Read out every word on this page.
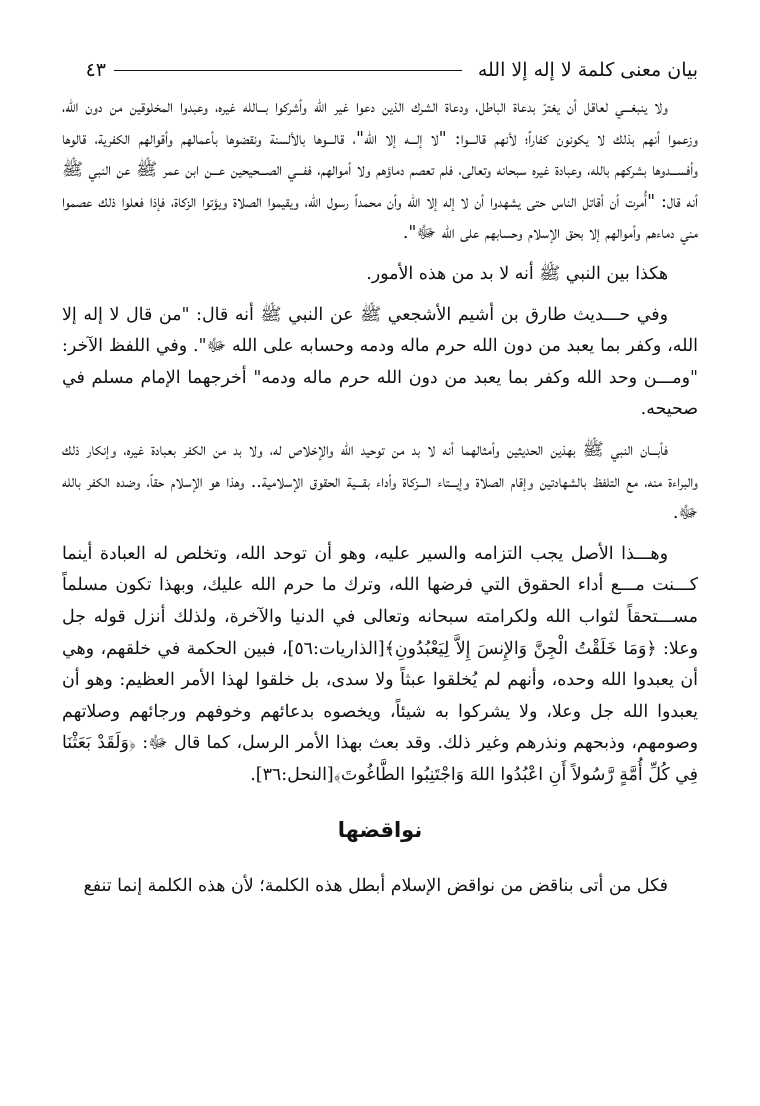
بيان معنى كلمة لا إله إلا الله
٤٣

ولا ينبغـــي لعاقل أن يغترّ بدعاة الباطل، ودعاة الشرك الذين دعوا غير الله وأشركوا بـــالله غيره، وعبدوا المخلوقين من دون الله، وزعموا أنهم بذلك لا يكونون كفاراً؛ لأنهم قالـــوا: "لا إلـــه إلا الله"، قالـــوها بالألسنة ونقضوها بأعمالهم وأقوالهم الكفرية، قالوها وأفســـدوها بشركهم بالله، وعبادة غيره سبحانه وتعالى، فلم تعصم دماؤهم ولا أموالهم، ففـــي الصـــحيحين عـــن ابن عمر ﷺ عن النبي ﷺ أنه قال: "أُمرت أن أقاتل الناس حتى يشهدوا أن لا إله إلا الله وأن محمداً رسول الله، ويقيموا الصلاة ويؤتوا الزكاة، فإذا فعلوا ذلك عصموا مني دماءهم وأموالهم إلا بحق الإسلام وحسابهم على الله ﷻ".

هكذا بين النبي ﷺ أنه لا بد من هذه الأمور.

وفي حـــديث طارق بن أشيم الأشجعي ﷺ عن النبي ﷺ أنه قال: "من قال لا إله إلا الله، وكفر بما يعبد من دون الله حرم ماله ودمه وحسابه على الله ﷻ". وفي اللفظ الآخر: "ومـــن وحد الله وكفر بما يعبد من دون الله حرم ماله ودمه" أخرجهما الإمام مسلم في صحيحه.

فأبـــان النبي ﷺ بهذين الحديثين وأمثالهما أنه لا بد من توحيد الله والإخلاص له، ولا بد من الكفر بعبادة غيره، وإنكار ذلك والبراءة منه، مع التلفظ بالشهادتين وإقام الصلاة وإيـــتاء الـــزكاة وأداء بقـــية الحقوق الإسلامية.. وهذا هو الإسلام حقاً، وضده الكفر بالله ﷻ.

وهـــذا الأصل يجب التزامه والسير عليه، وهو أن توحد الله، وتخلص له العبادة أينما كـــنت مـــع أداء الحقوق التي فرضها الله، وترك ما حرم الله عليك، وبهذا تكون مسلماً مســـتحقاً لثواب الله ولكرامته سبحانه وتعالى في الدنيا والآخرة، ولذلك أنزل قوله جل وعلا: ﴿وَمَا خَلَقْتُ الْجِنَّ وَالإِنسَ إِلاَّ لِيَعْبُدُونِ﴾[الذاريات:٥٦]، فبين الحكمة في خلقهم، وهي أن يعبدوا الله وحده، وأنهم لم يُخلقوا عبثاً ولا سدى، بل خلقوا لهذا الأمر العظيم: وهو أن يعبدوا الله جل وعلا، ولا يشركوا به شيئاً، ويخصوه بدعائهم وخوفهم ورجائهم وصلاتهم وصومهم، وذبحهم ونذرهم وغير ذلك. وقد بعث بهذا الأمر الرسل، كما قال ﷻ: ﴿وَلَقَدْ بَعَثْنَا فِي كُلِّ أُمَّةٍ رَّسُولاً أَنِ اعْبُدُوا اللهَ وَاجْتَنِبُوا الطَّاغُوتَ﴾[النحل:٣٦].

نواقضها

فكل من أتى بناقض من نواقض الإسلام أبطل هذه الكلمة؛ لأن هذه الكلمة إنما تنفع
